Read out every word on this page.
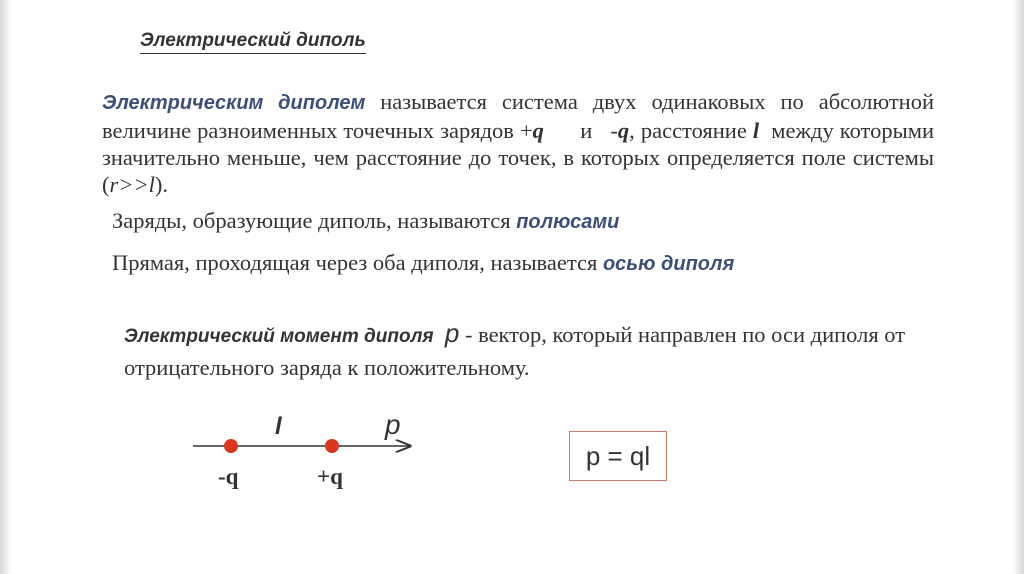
Электрический диполь
Электрическим диполем называется система двух одинаковых по абсолютной величине разноименных точечных зарядов +q      и   -q, расстояние l  между которыми значительно меньше, чем расстояние до точек, в которых определяется поле системы (r>>l).
Заряды, образующие диполь, называются полюсами
Прямая, проходящая через оба диполя, называется осью диполя
Электрический момент диполя p - вектор, который направлен по оси диполя от отрицательного заряда к положительному.
l	p
-q	+q
p = ql
